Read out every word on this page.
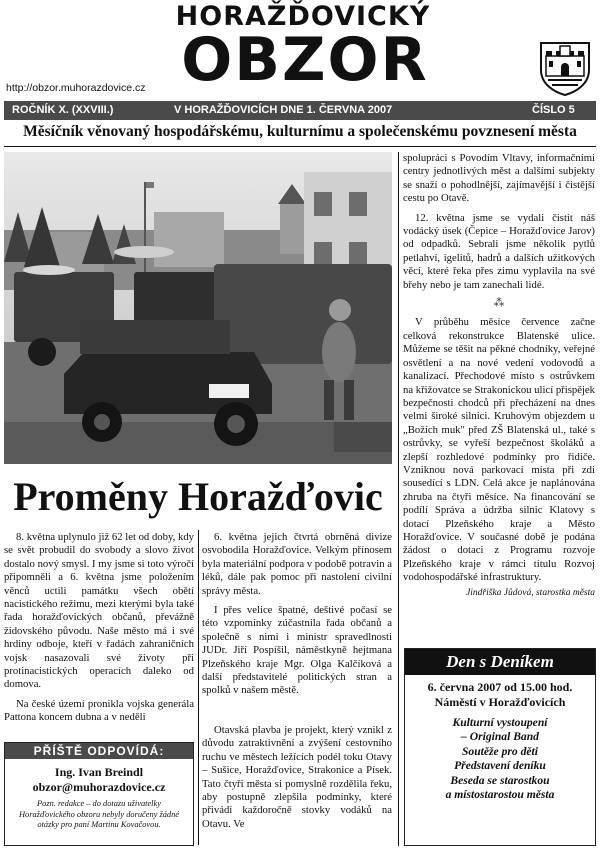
HORAŽĎOVICKÝ
OBZOR
http://obzor.muhorazdovice.cz
ROČNÍK X. (XXVIII.)	V HORAŽĎOVICÍCH DNE 1. ČERVNA 2007	ČÍSLO 5
Měsíčník věnovaný hospodářskému, kulturnímu a společenskému povznesení města
Proměny Horažďovic

8. května uplynulo již 62 let od doby, kdy se svět probudil do svobody a slovo život dostalo nový smysl. I my jsme si toto výročí připomněli a 6. května jsme položením věnců uctili památku všech obětí nacistického režimu, mezi kterými byla také řada horažďovických občanů, převážně židovského původu. Naše město má i své hrdiny odboje, kteří v řadách zahraničních vojsk nasazovali své životy při protinacistických operacích daleko od domova.

Na české území pronikla vojska generála Pattona koncem dubna a v neděli

6. května jejich čtvrtá obrněná divize osvobodila Horažďovice. Velkým přínosem byla materiální podpora v podobě potravin a léků, dále pak pomoc při nastolení civilní správy města.

I přes velice špatné, deštivé počasí se této vzpomínky zúčastnila řada občanů a společně s nimi i ministr spravedlnosti JUDr. Jiří Pospíšil, náměstkyně hejtmana Plzeňského kraje Mgr. Olga Kalčíková a další představitelé politických stran a spolků v našem městě.

Otavská plavba je projekt, který vznikl z důvodu zatraktivnění a zvýšení cestovního ruchu ve městech ležících podél toku Otavy – Sušice, Horažďovice, Strakonice a Písek. Tato čtyři města si pomyslně rozdělila řeku, aby postupně zlepšila podmínky, které přivádí každoročně stovky vodáků na Otavu. Ve

spolupráci s Povodím Vltavy, informačními centry jednotlivých měst a dalšími subjekty se snaží o pohodlnější, zajímavější i čistější cestu po Otavě.

12. května jsme se vydali čistit náš vodácký úsek (Čepice – Horažďovice Jarov) od odpadků. Sebrali jsme několik pytlů petlahví, igelitů, hadrů a dalších užitkových věcí, které řeka přes zimu vyplavila na své břehy nebo je tam zanechali lidé.

⁂

V průběhu měsíce července začne celková rekonstrukce Blatenské ulice. Můžeme se těšit na pěkné chodníky, veřejné osvětlení a na nové vedení vodovodů a kanalizací. Přechodové místo s ostrůvkem na křižovatce se Strakonickou ulicí přispějek bezpečnosti chodců při přecházení na dnes velmi široké silnici. Kruhovým objezdem u „Božích muk" před ZŠ Blatenská ul., také s ostrůvky, se vyřeší bezpečnost školáků a zlepší rozhledové podmínky pro řidiče. Vzniknou nová parkovací místa při zdi sousedící s LDN. Celá akce je naplánována zhruba na čtyři měsíce. Na financování se podílí Správa a údržba silnic Klatovy s dotací Plzeňského kraje a Město Horažďovice. V současné době je podána žádost o dotaci z Programu rozvoje Plzeňského kraje v rámci titulu Rozvoj vodohospodářské infrastruktury.

Jindřiška Jůdová, starostka města
PŘÍŠTĚ ODPOVÍDÁ:
Ing. Ivan Breindl
obzor@muhorazdovice.cz
Pozn. redakce – do dotazu uživatelky Horažďovického obzoru nebyly doručeny žádné otázky pro paní Martinu Kovačovou.
Den s Deníkem
6. června 2007 od 15.00 hod.
Náměstí v Horažďovicích
Kulturní vystoupení
– Original Band
Soutěže pro děti
Představení deníku
Beseda se starostkou
a místostarostou města
